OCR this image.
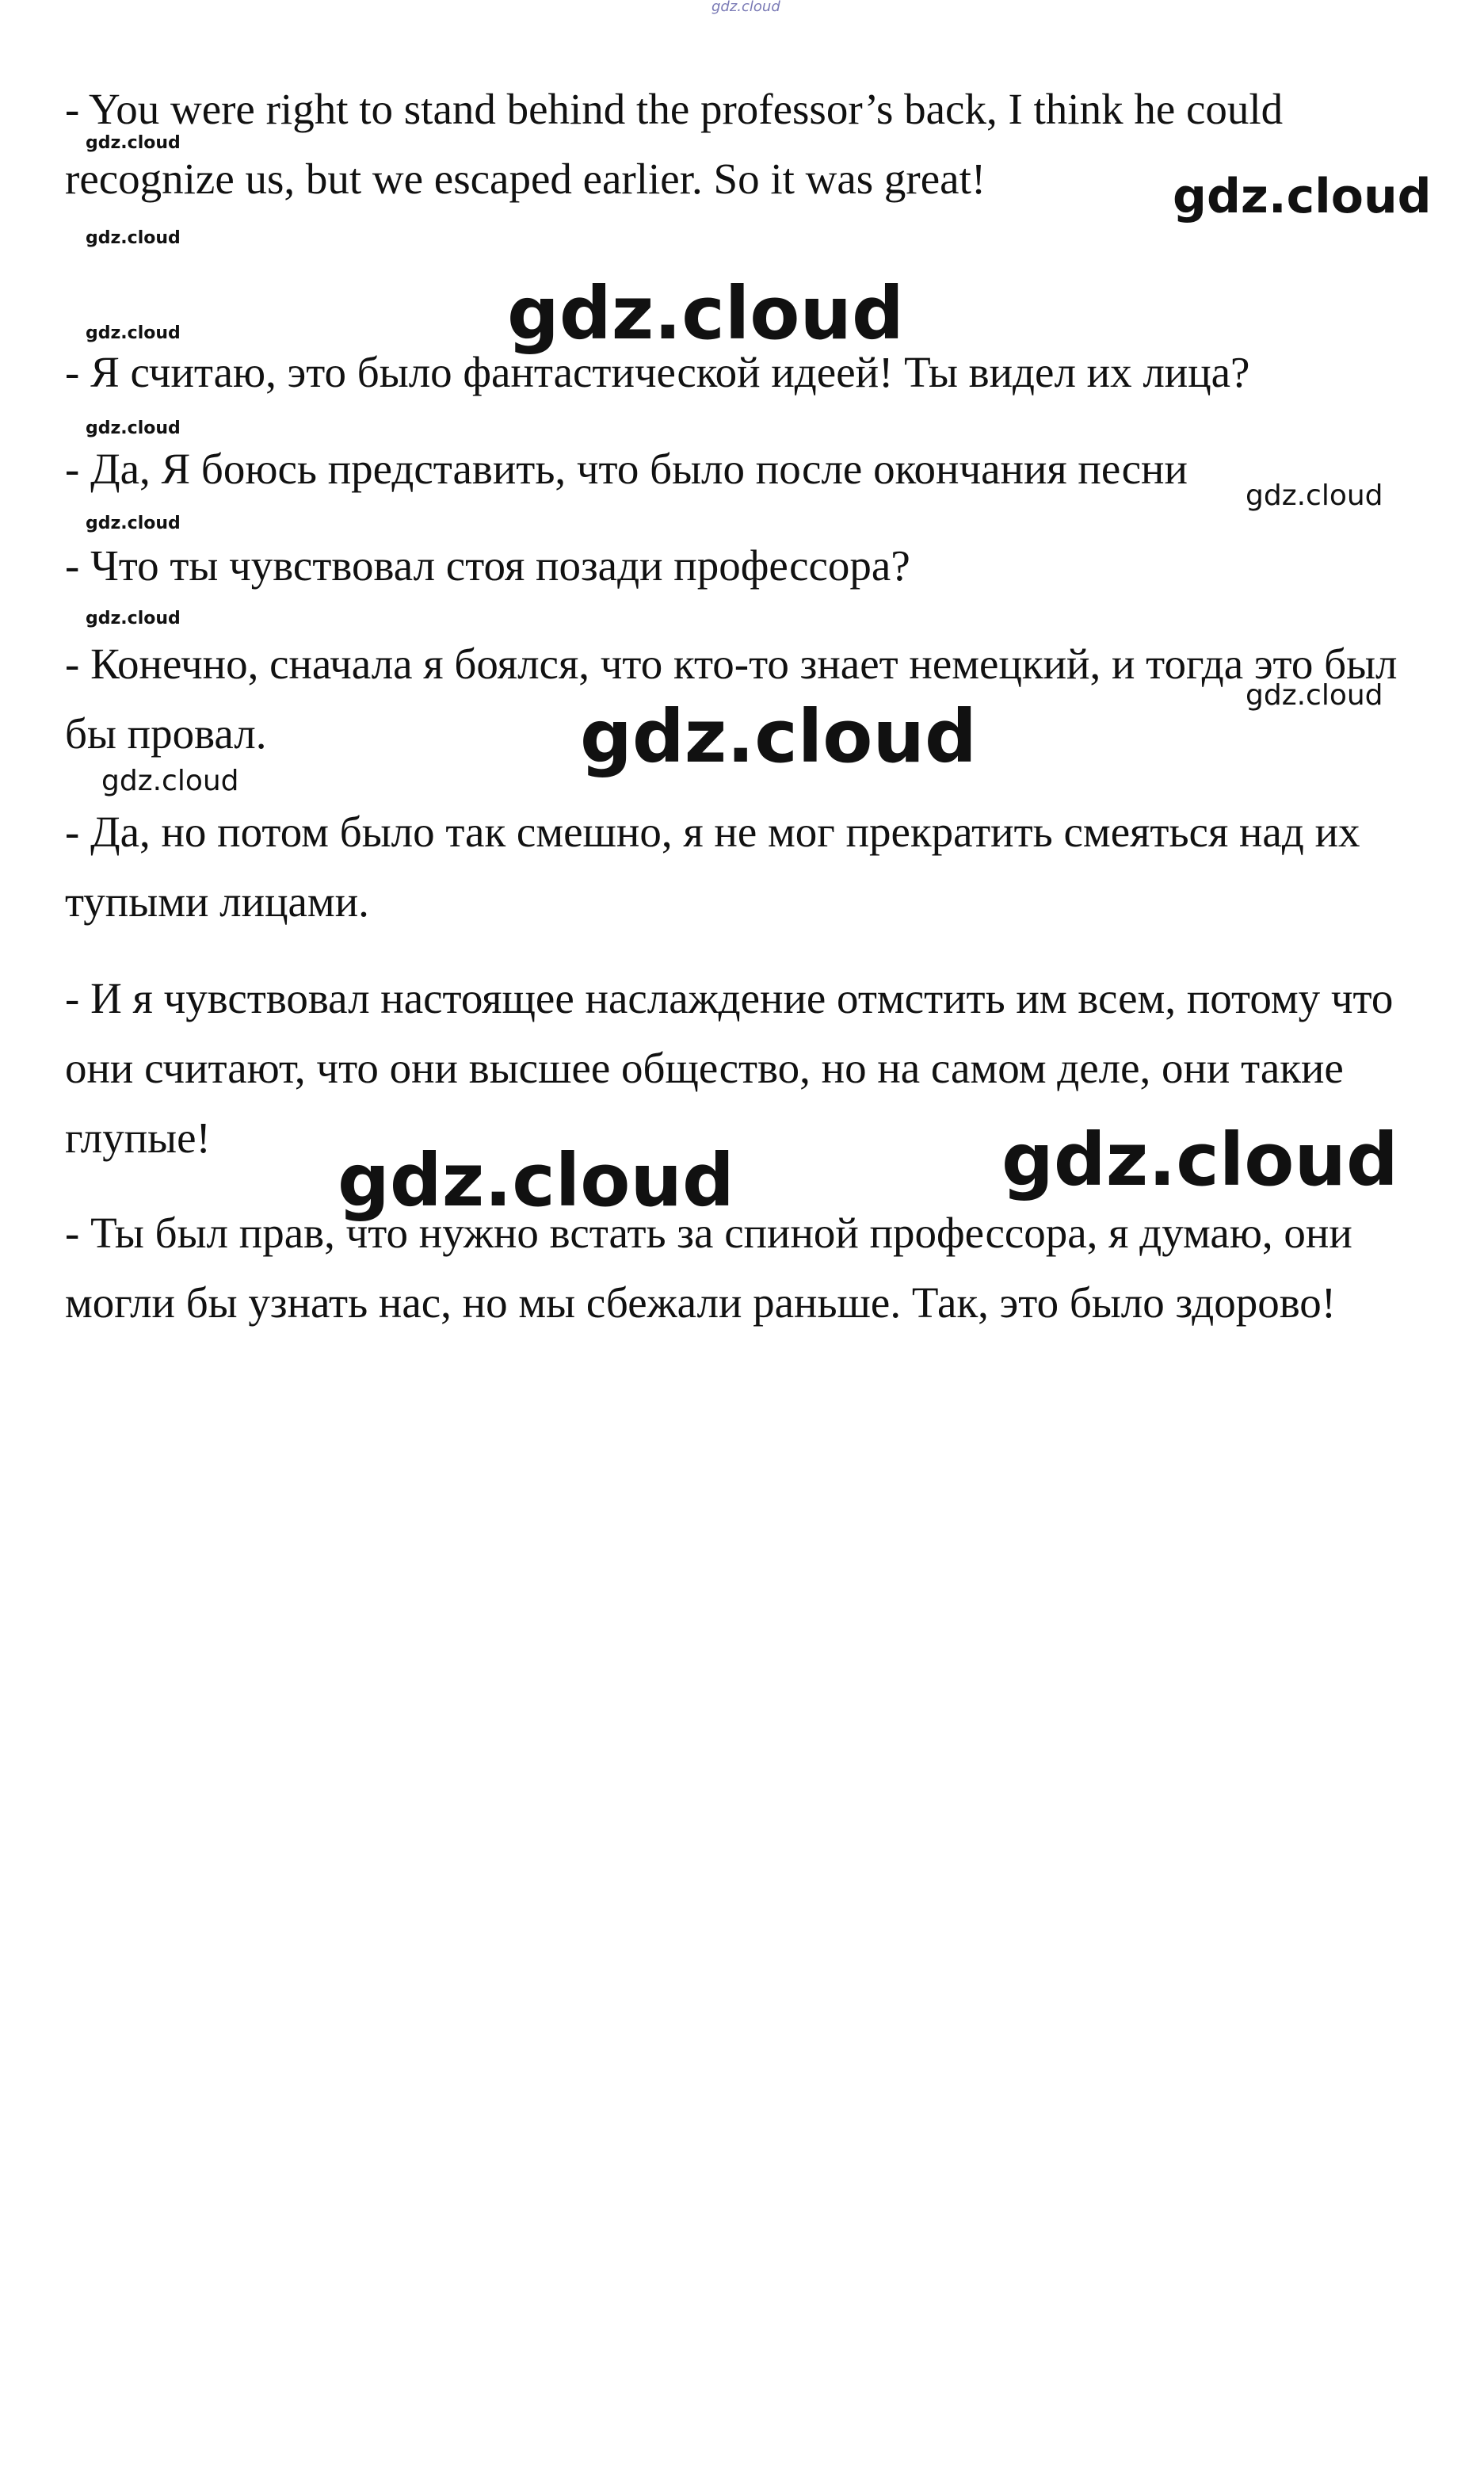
gdz.cloud

- You were right to stand behind the professor’s back, I think he could recognize us, but we escaped earlier. So it was great!

- Я считаю, это было фантастической идеей! Ты видел их лица?

- Да, Я боюсь представить, что было после окончания песни

- Что ты чувствовал стоя позади профессора?

- Конечно, сначала я боялся, что кто-то знает немецкий, и тогда это был бы провал.

- Да, но потом было так смешно, я не мог прекратить смеяться над их тупыми лицами.

- И я чувствовал настоящее наслаждение отмстить им всем, потому что они считают, что они высшее общество, но на самом деле, они такие глупые!

- Ты был прав, что нужно встать за спиной профессора, я думаю, они могли бы узнать нас, но мы сбежали раньше. Так, это было здорово!

gdz.cloud
gdz.cloud
gdz.cloud
gdz.cloud
gdz.cloud
gdz.cloud
gdz.cloud
gdz.cloud
gdz.cloud
gdz.cloud
gdz.cloud
gdz.cloud
gdz.cloud	gdz.cloud
